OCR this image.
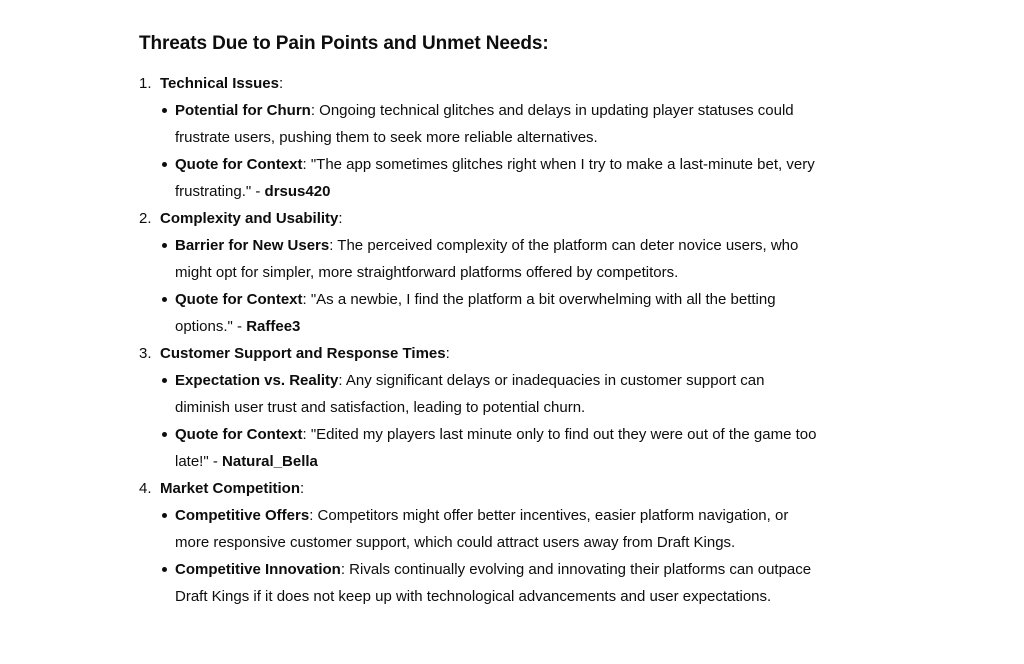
Threats Due to Pain Points and Unmet Needs:
1. Technical Issues:
Potential for Churn: Ongoing technical glitches and delays in updating player statuses could frustrate users, pushing them to seek more reliable alternatives.
Quote for Context: "The app sometimes glitches right when I try to make a last-minute bet, very frustrating." - drsus420
2. Complexity and Usability:
Barrier for New Users: The perceived complexity of the platform can deter novice users, who might opt for simpler, more straightforward platforms offered by competitors.
Quote for Context: "As a newbie, I find the platform a bit overwhelming with all the betting options." - Raffee3
3. Customer Support and Response Times:
Expectation vs. Reality: Any significant delays or inadequacies in customer support can diminish user trust and satisfaction, leading to potential churn.
Quote for Context: "Edited my players last minute only to find out they were out of the game too late!" - Natural_Bella
4. Market Competition:
Competitive Offers: Competitors might offer better incentives, easier platform navigation, or more responsive customer support, which could attract users away from Draft Kings.
Competitive Innovation: Rivals continually evolving and innovating their platforms can outpace Draft Kings if it does not keep up with technological advancements and user expectations.
